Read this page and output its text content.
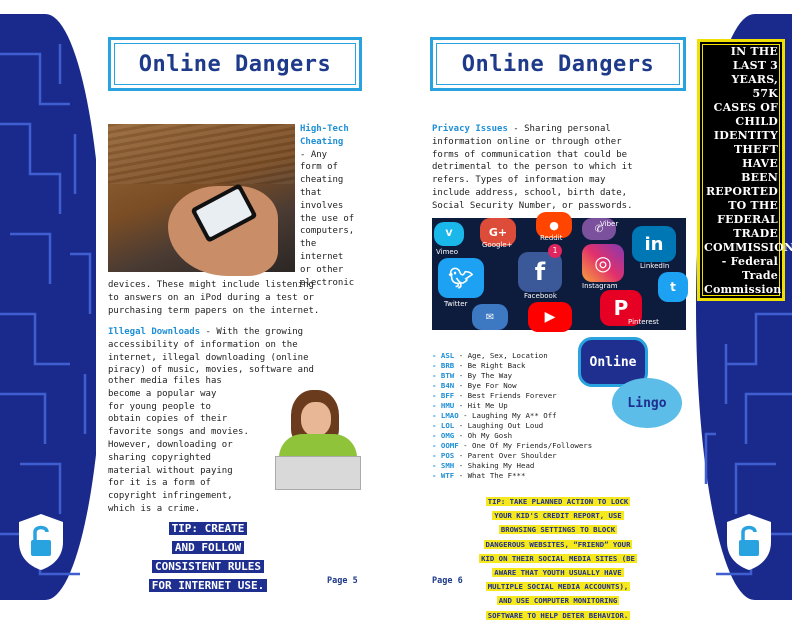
Online Dangers
High-Tech Cheating
- Any
form of
cheating
that
involves
the use of
computers,
the
internet
or other
electronic
devices. These might include listening
to answers on an iPod during a test or
purchasing term papers on the internet.
Illegal Downloads - With the growing
accessibility of information on the
internet, illegal downloading (online
piracy) of music, movies, software and
other media files has
become a popular way
for young people to
obtain copies of their
favorite songs and movies.
However, downloading or
sharing copyrighted
material without paying
for it is a form of
copyright infringement,
which is a crime.
TIP: CREATE
AND FOLLOW
CONSISTENT RULES
FOR INTERNET USE.	Page 5
Online Dangers
Privacy Issues - Sharing personal
information online or through other
forms of communication that could be
detrimental to the person to which it
refers. Types of information may
include address, school, birth date,
Social Security Number, or passwords.
V
Vimeo
G+
Google+
●
Reddit
✆
Viber
in
LinkedIn
🐦︎
Twitter
f
1
Facebook
◎
Instagram	t
▶	P
Pinterest
✉
Online
Lingo
- ASL - Age, Sex, Location
- BRB - Be Right Back
- BTW - By The Way
- B4N - Bye For Now
- BFF - Best Friends Forever
- HMU - Hit Me Up
- LMAO - Laughing My A** Off
- LOL - Laughing Out Loud
- OMG - Oh My Gosh
- OOMF - One Of My Friends/Followers
- POS - Parent Over Shoulder
- SMH - Shaking My Head
- WTF - What The F***
TIP: TAKE PLANNED ACTION TO LOCK
YOUR KID'S CREDIT REPORT, USE
BROWSING SETTINGS TO BLOCK
DANGEROUS WEBSITES, “FRIEND” YOUR
KID ON THEIR SOCIAL MEDIA SITES (BE
AWARE THAT YOUTH USUALLY HAVE
MULTIPLE SOCIAL MEDIA ACCOUNTS),
AND USE COMPUTER MONITORING
SOFTWARE TO HELP DETER BEHAVIOR.
Page 6
IN THE
LAST 3
YEARS, 57K
CASES OF
CHILD
IDENTITY
THEFT
HAVE BEEN
REPORTED
TO THE
FEDERAL
TRADE
COMMISSION.
- Federal
Trade
Commission
